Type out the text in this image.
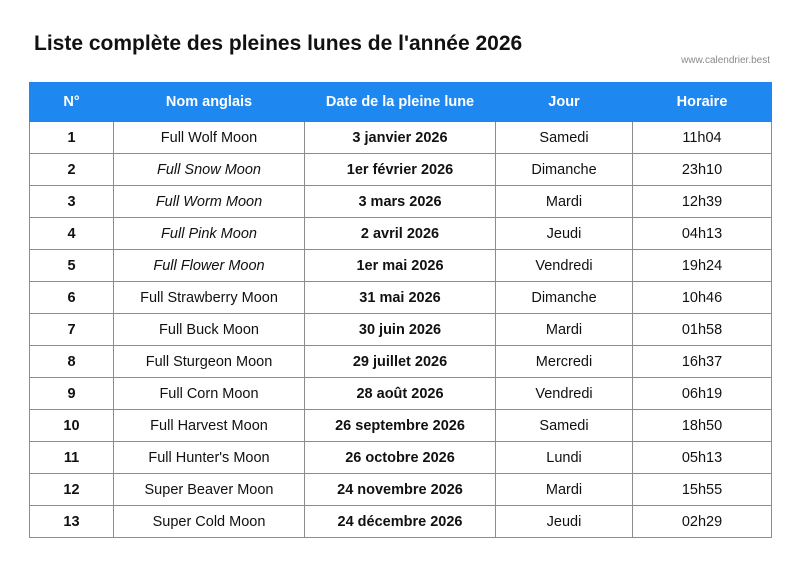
Liste complète des pleines lunes de l'année 2026
www.calendrier.best
N°	Nom anglais	Date de la pleine lune	Jour	Horaire
1	Full Wolf Moon	3 janvier 2026	Samedi	11h04
2	Full Snow Moon	1er février 2026	Dimanche	23h10
3	Full Worm Moon	3 mars 2026	Mardi	12h39
4	Full Pink Moon	2 avril 2026	Jeudi	04h13
5	Full Flower Moon	1er mai 2026	Vendredi	19h24
6	Full Strawberry Moon	31 mai 2026	Dimanche	10h46
7	Full Buck Moon	30 juin 2026	Mardi	01h58
8	Full Sturgeon Moon	29 juillet 2026	Mercredi	16h37
9	Full Corn Moon	28 août 2026	Vendredi	06h19
10	Full Harvest Moon	26 septembre 2026	Samedi	18h50
11	Full Hunter's Moon	26 octobre 2026	Lundi	05h13
12	Super Beaver Moon	24 novembre 2026	Mardi	15h55
13	Super Cold Moon	24 décembre 2026	Jeudi	02h29
